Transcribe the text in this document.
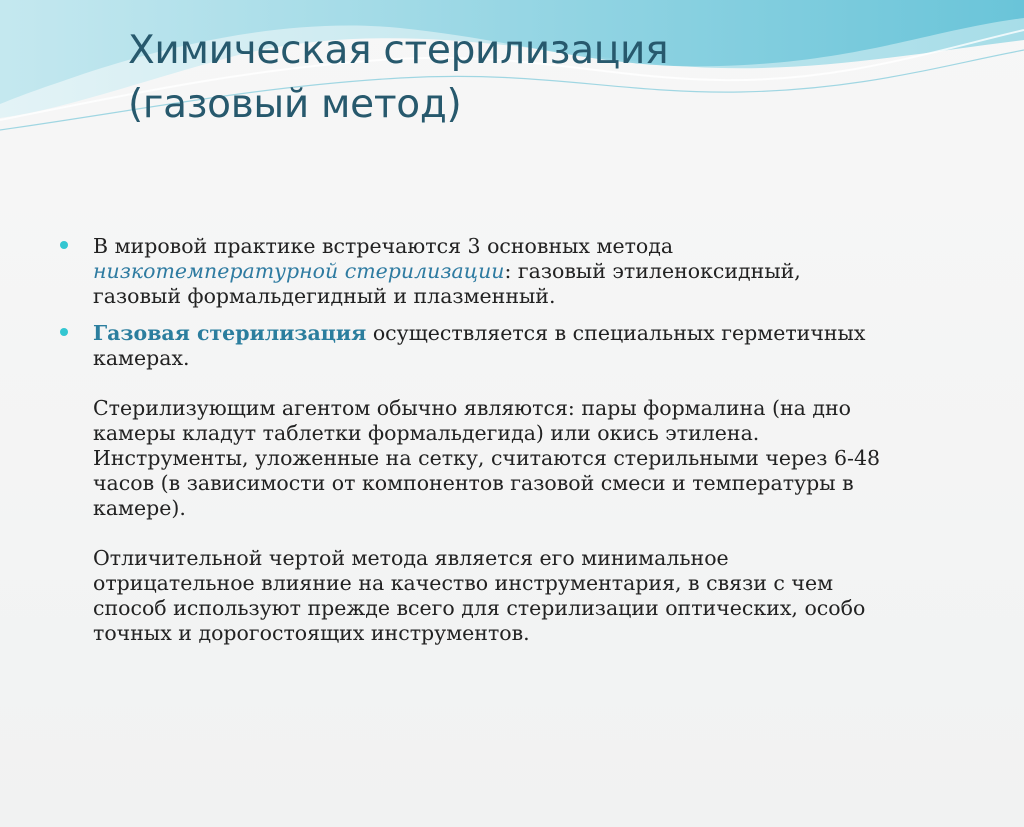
Химическая стерилизация
(газовый метод)
В мировой практике встречаются 3 основных метода
низкотемпературной стерилизации: газовый этиленоксидный,
газовый формальдегидный и плазменный.
Газовая стерилизация осуществляется в специальных герметичных
камерах.
Стерилизующим агентом обычно являются: пары формалина (на дно
камеры кладут таблетки формальдегида) или окись этилена.
Инструменты, уложенные на сетку, считаются стерильными через 6-48
часов (в зависимости от компонентов газовой смеси и температуры в
камере).
Отличительной чертой метода является его минимальное
отрицательное влияние на качество инструментария, в связи с чем
способ используют прежде всего для стерилизации оптических, особо
точных и дорогостоящих инструментов.
